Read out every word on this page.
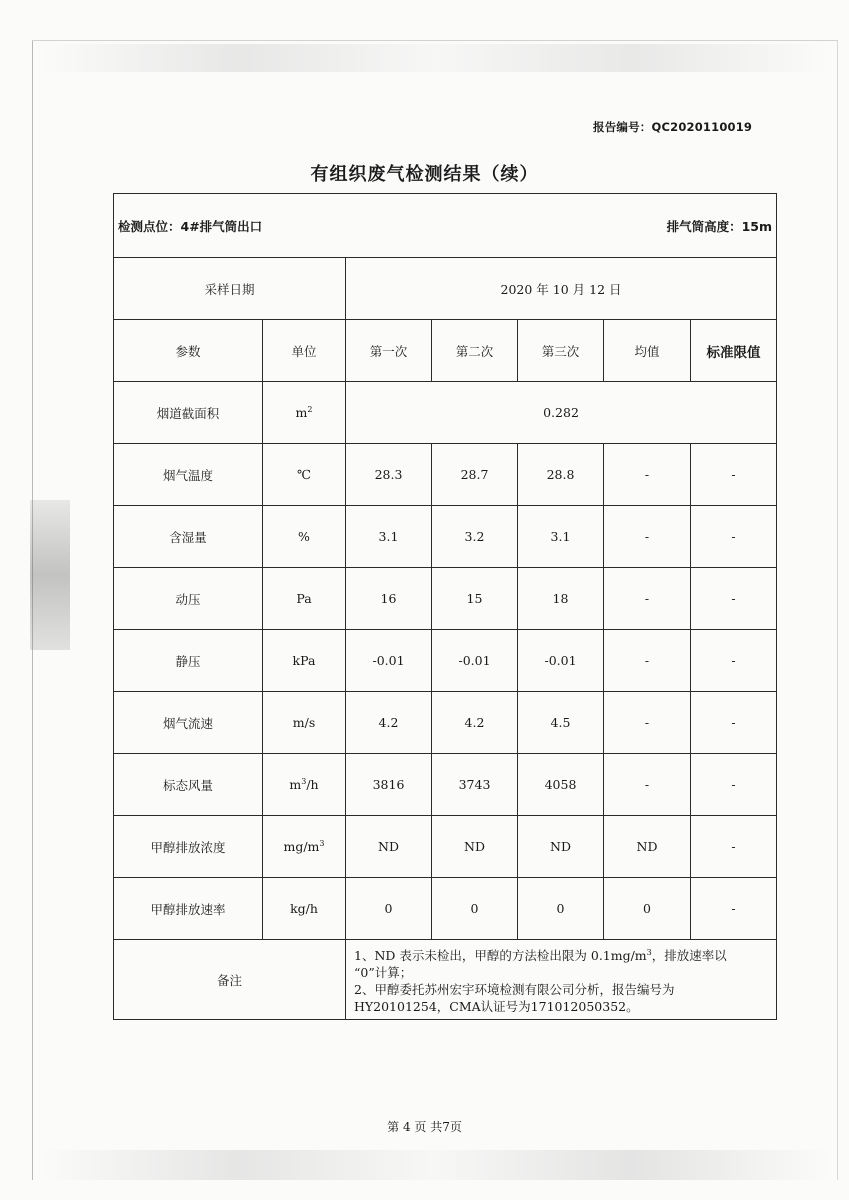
报告编号：QC2020110019
有组织废气检测结果（续）
检测点位：4#排气筒出口 排气筒高度：15m						

采样日期		2020 年 10 月 12 日				
参数	单位	第一次	第二次	第三次	均值	标准限值
烟道截面积	$m^2$	0.282				
烟气温度	℃	28.3	28.7	28.8	-	-
含湿量	%	3.1	3.2	3.1	-	-
动压	Pa	16	15	18	-	-
静压	kPa	-0.01	-0.01	-0.01	-	-
烟气流速	m/s	4.2	4.2	4.5	-	-
标态风量	$m^3/h$	3816	3743	4058	-	-
甲醇排放浓度	$mg/m^3$	ND	ND	ND	ND	-
甲醇排放速率	kg/h	0	0	0	0	-
备注		1、ND 表示未检出，甲醇的方法检出限为 $0.1mg/m^3$，排放速率以
“0”计算；
2、甲醇委托苏州宏宇环境检测有限公司分析，报告编号为
HY20101254，CMA认证号为171012050352。				
第 4 页 共7页
